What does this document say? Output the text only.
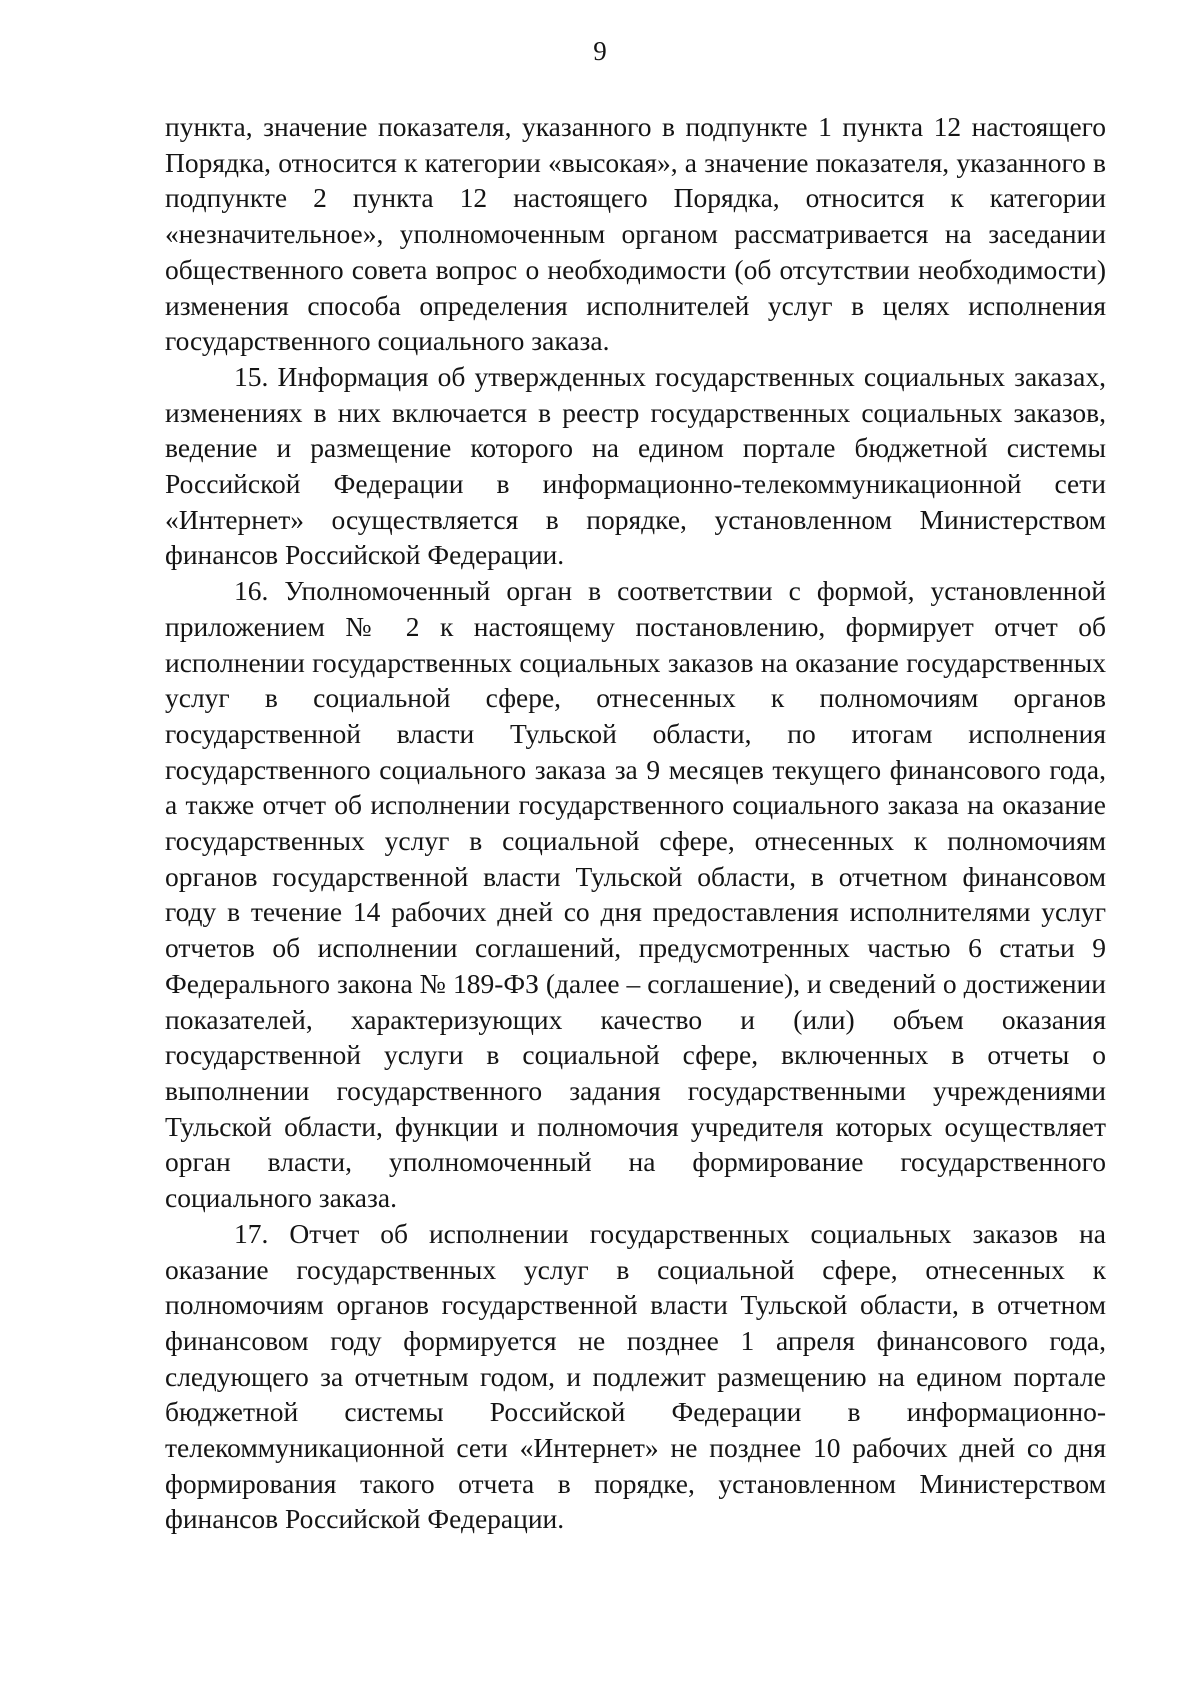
9

пункта, значение показателя, указанного в подпункте 1 пункта 12 настоящего Порядка, относится к категории «высокая», а значение показателя, указанного в подпункте 2 пункта 12 настоящего Порядка, относится к категории «незначительное», уполномоченным органом рассматривается на заседании общественного совета вопрос о необходимости (об отсутствии необходимости) изменения способа определения исполнителей услуг в целях исполнения государственного социального заказа.

15. Информация об утвержденных государственных социальных заказах, изменениях в них включается в реестр государственных социальных заказов, ведение и размещение которого на едином портале бюджетной системы Российской Федерации в информационно-телекоммуникационной сети «Интернет» осуществляется в порядке, установленном Министерством финансов Российской Федерации.

16. Уполномоченный орган в соответствии с формой, установленной приложением № 2 к настоящему постановлению, формирует отчет об исполнении государственных социальных заказов на оказание государственных услуг в социальной сфере, отнесенных к полномочиям органов государственной власти Тульской области, по итогам исполнения государственного социального заказа за 9 месяцев текущего финансового года, а также отчет об исполнении государственного социального заказа на оказание государственных услуг в социальной сфере, отнесенных к полномочиям органов государственной власти Тульской области, в отчетном финансовом году в течение 14 рабочих дней со дня предоставления исполнителями услуг отчетов об исполнении соглашений, предусмотренных частью 6 статьи 9 Федерального закона № 189-ФЗ (далее – соглашение), и сведений о достижении показателей, характеризующих качество и (или) объем оказания государственной услуги в социальной сфере, включенных в отчеты о выполнении государственного задания государственными учреждениями Тульской области, функции и полномочия учредителя которых осуществляет орган власти, уполномоченный на формирование государственного социального заказа.

17. Отчет об исполнении государственных социальных заказов на оказание государственных услуг в социальной сфере, отнесенных к полномочиям органов государственной власти Тульской области, в отчетном финансовом году формируется не позднее 1 апреля финансового года, следующего за отчетным годом, и подлежит размещению на едином портале бюджетной системы Российской Федерации в информационно-телекоммуникационной сети «Интернет» не позднее 10 рабочих дней со дня формирования такого отчета в порядке, установленном Министерством финансов Российской Федерации.
